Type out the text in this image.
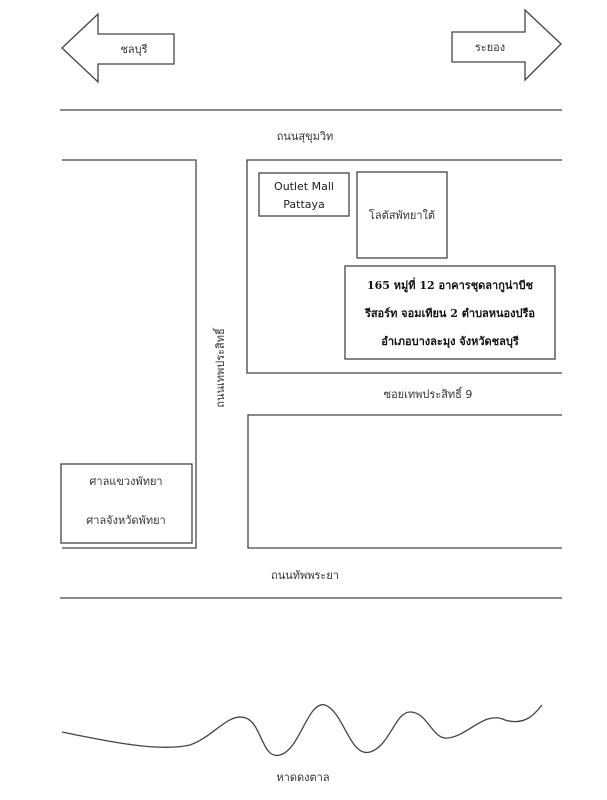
ชลบุรี	ระยอง
ถนนสุขุมวิท
ศาลแขวงพัทยา
ศาลจังหวัดพัทยา
ถนนเทพประสิทธิ์
Outlet Mall
Pattaya
โลตัสพัทยาใต้
165 หมู่ที่ 12 อาคารชุดลากูน่าบีช
รีสอร์ท จอมเทียน 2 ตำบลหนองปรือ
อำเภอบางละมุง จังหวัดชลบุรี
ซอยเทพประสิทธิ์ 9
ถนนทัพพระยา
หาดดงตาล
